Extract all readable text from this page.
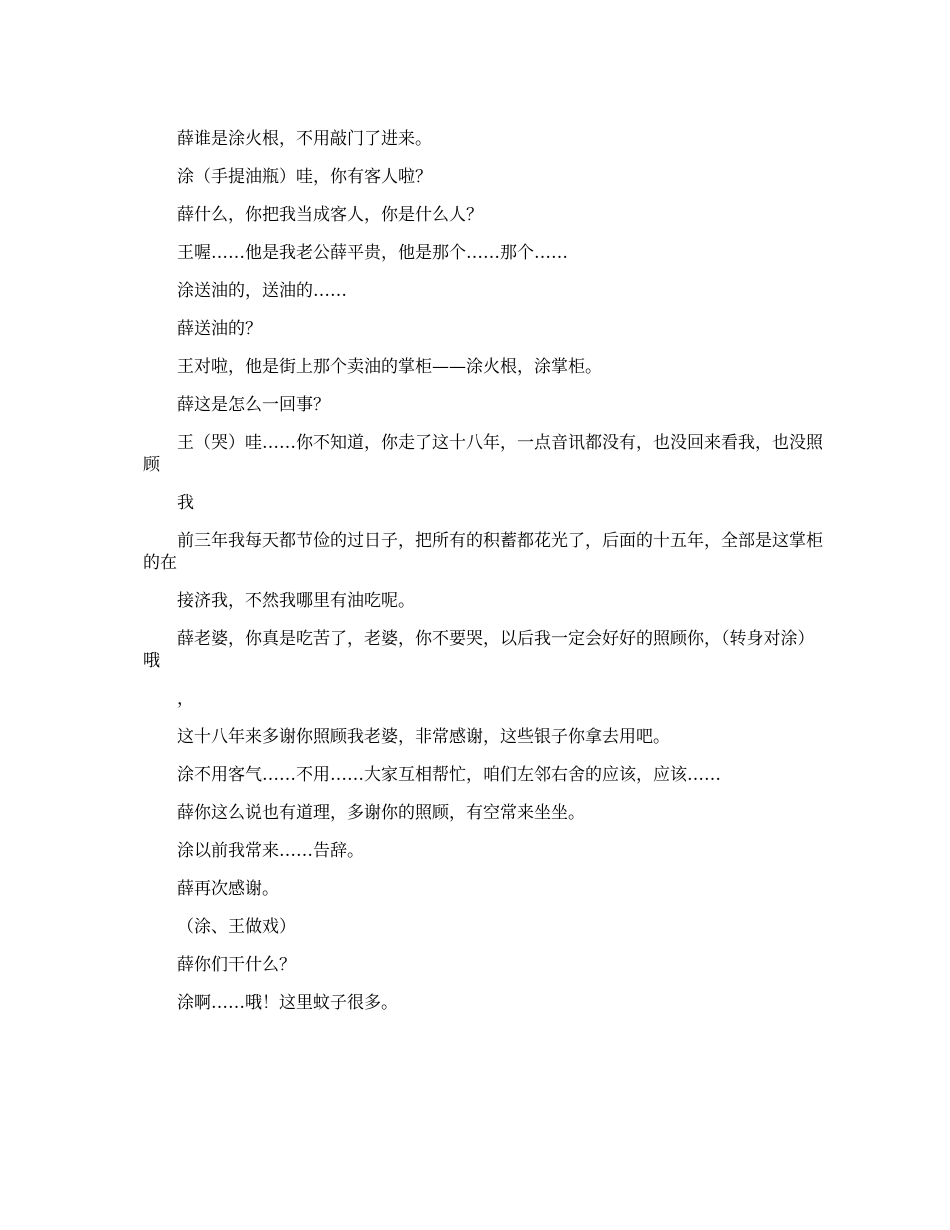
薛谁是涂火根，不用敲门了进来。

涂（手提油瓶）哇，你有客人啦？

薛什么，你把我当成客人，你是什么人？

王喔……他是我老公薛平贵，他是那个……那个……

涂送油的，送油的……

薛送油的？

王对啦，他是街上那个卖油的掌柜——涂火根，涂掌柜。

薛这是怎么一回事？

王（哭）哇……你不知道，你走了这十八年，一点音讯都没有，也没回来看我，也没照顾

我

前三年我每天都节俭的过日子，把所有的积蓄都花光了，后面的十五年，全部是这掌柜的在

接济我，不然我哪里有油吃呢。

薛老婆，你真是吃苦了，老婆，你不要哭，以后我一定会好好的照顾你，（转身对涂）哦

，

这十八年来多谢你照顾我老婆，非常感谢，这些银子你拿去用吧。

涂不用客气……不用……大家互相帮忙，咱们左邻右舍的应该，应该……

薛你这么说也有道理，多谢你的照顾，有空常来坐坐。

涂以前我常来……告辞。

薛再次感谢。

（涂、王做戏）

薛你们干什么？

涂啊……哦！这里蚊子很多。
